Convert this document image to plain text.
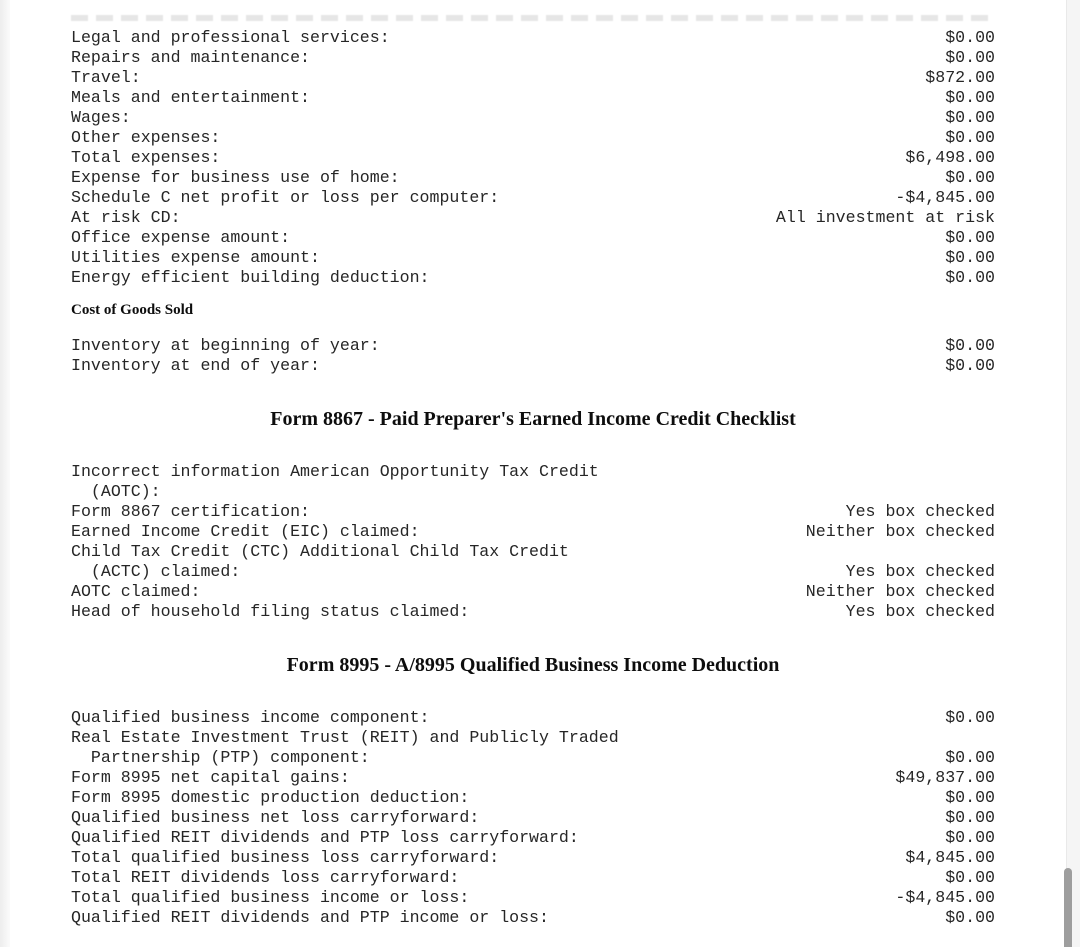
Legal and professional services:	$0.00
Repairs and maintenance:	$0.00
Travel:	$872.00
Meals and entertainment:	$0.00
Wages:	$0.00
Other expenses:	$0.00
Total expenses:	$6,498.00
Expense for business use of home:	$0.00
Schedule C net profit or loss per computer:	-$4,845.00
At risk CD:	All investment at risk
Office expense amount:	$0.00
Utilities expense amount:	$0.00
Energy efficient building deduction:	$0.00
Cost of Goods Sold
Inventory at beginning of year:	$0.00
Inventory at end of year:	$0.00
Form 8867 - Paid Preparer's Earned Income Credit Checklist
Incorrect information American Opportunity Tax Credit
(AOTC):
Form 8867 certification:	Yes box checked
Earned Income Credit (EIC) claimed:	Neither box checked
Child Tax Credit (CTC) Additional Child Tax Credit
(ACTC) claimed:	Yes box checked
AOTC claimed:	Neither box checked
Head of household filing status claimed:	Yes box checked
Form 8995 - A/8995 Qualified Business Income Deduction
Qualified business income component:	$0.00
Real Estate Investment Trust (REIT) and Publicly Traded
Partnership (PTP) component:	$0.00
Form 8995 net capital gains:	$49,837.00
Form 8995 domestic production deduction:	$0.00
Qualified business net loss carryforward:	$0.00
Qualified REIT dividends and PTP loss carryforward:	$0.00
Total qualified business loss carryforward:	$4,845.00
Total REIT dividends loss carryforward:	$0.00
Total qualified business income or loss:	-$4,845.00
Qualified REIT dividends and PTP income or loss:	$0.00
